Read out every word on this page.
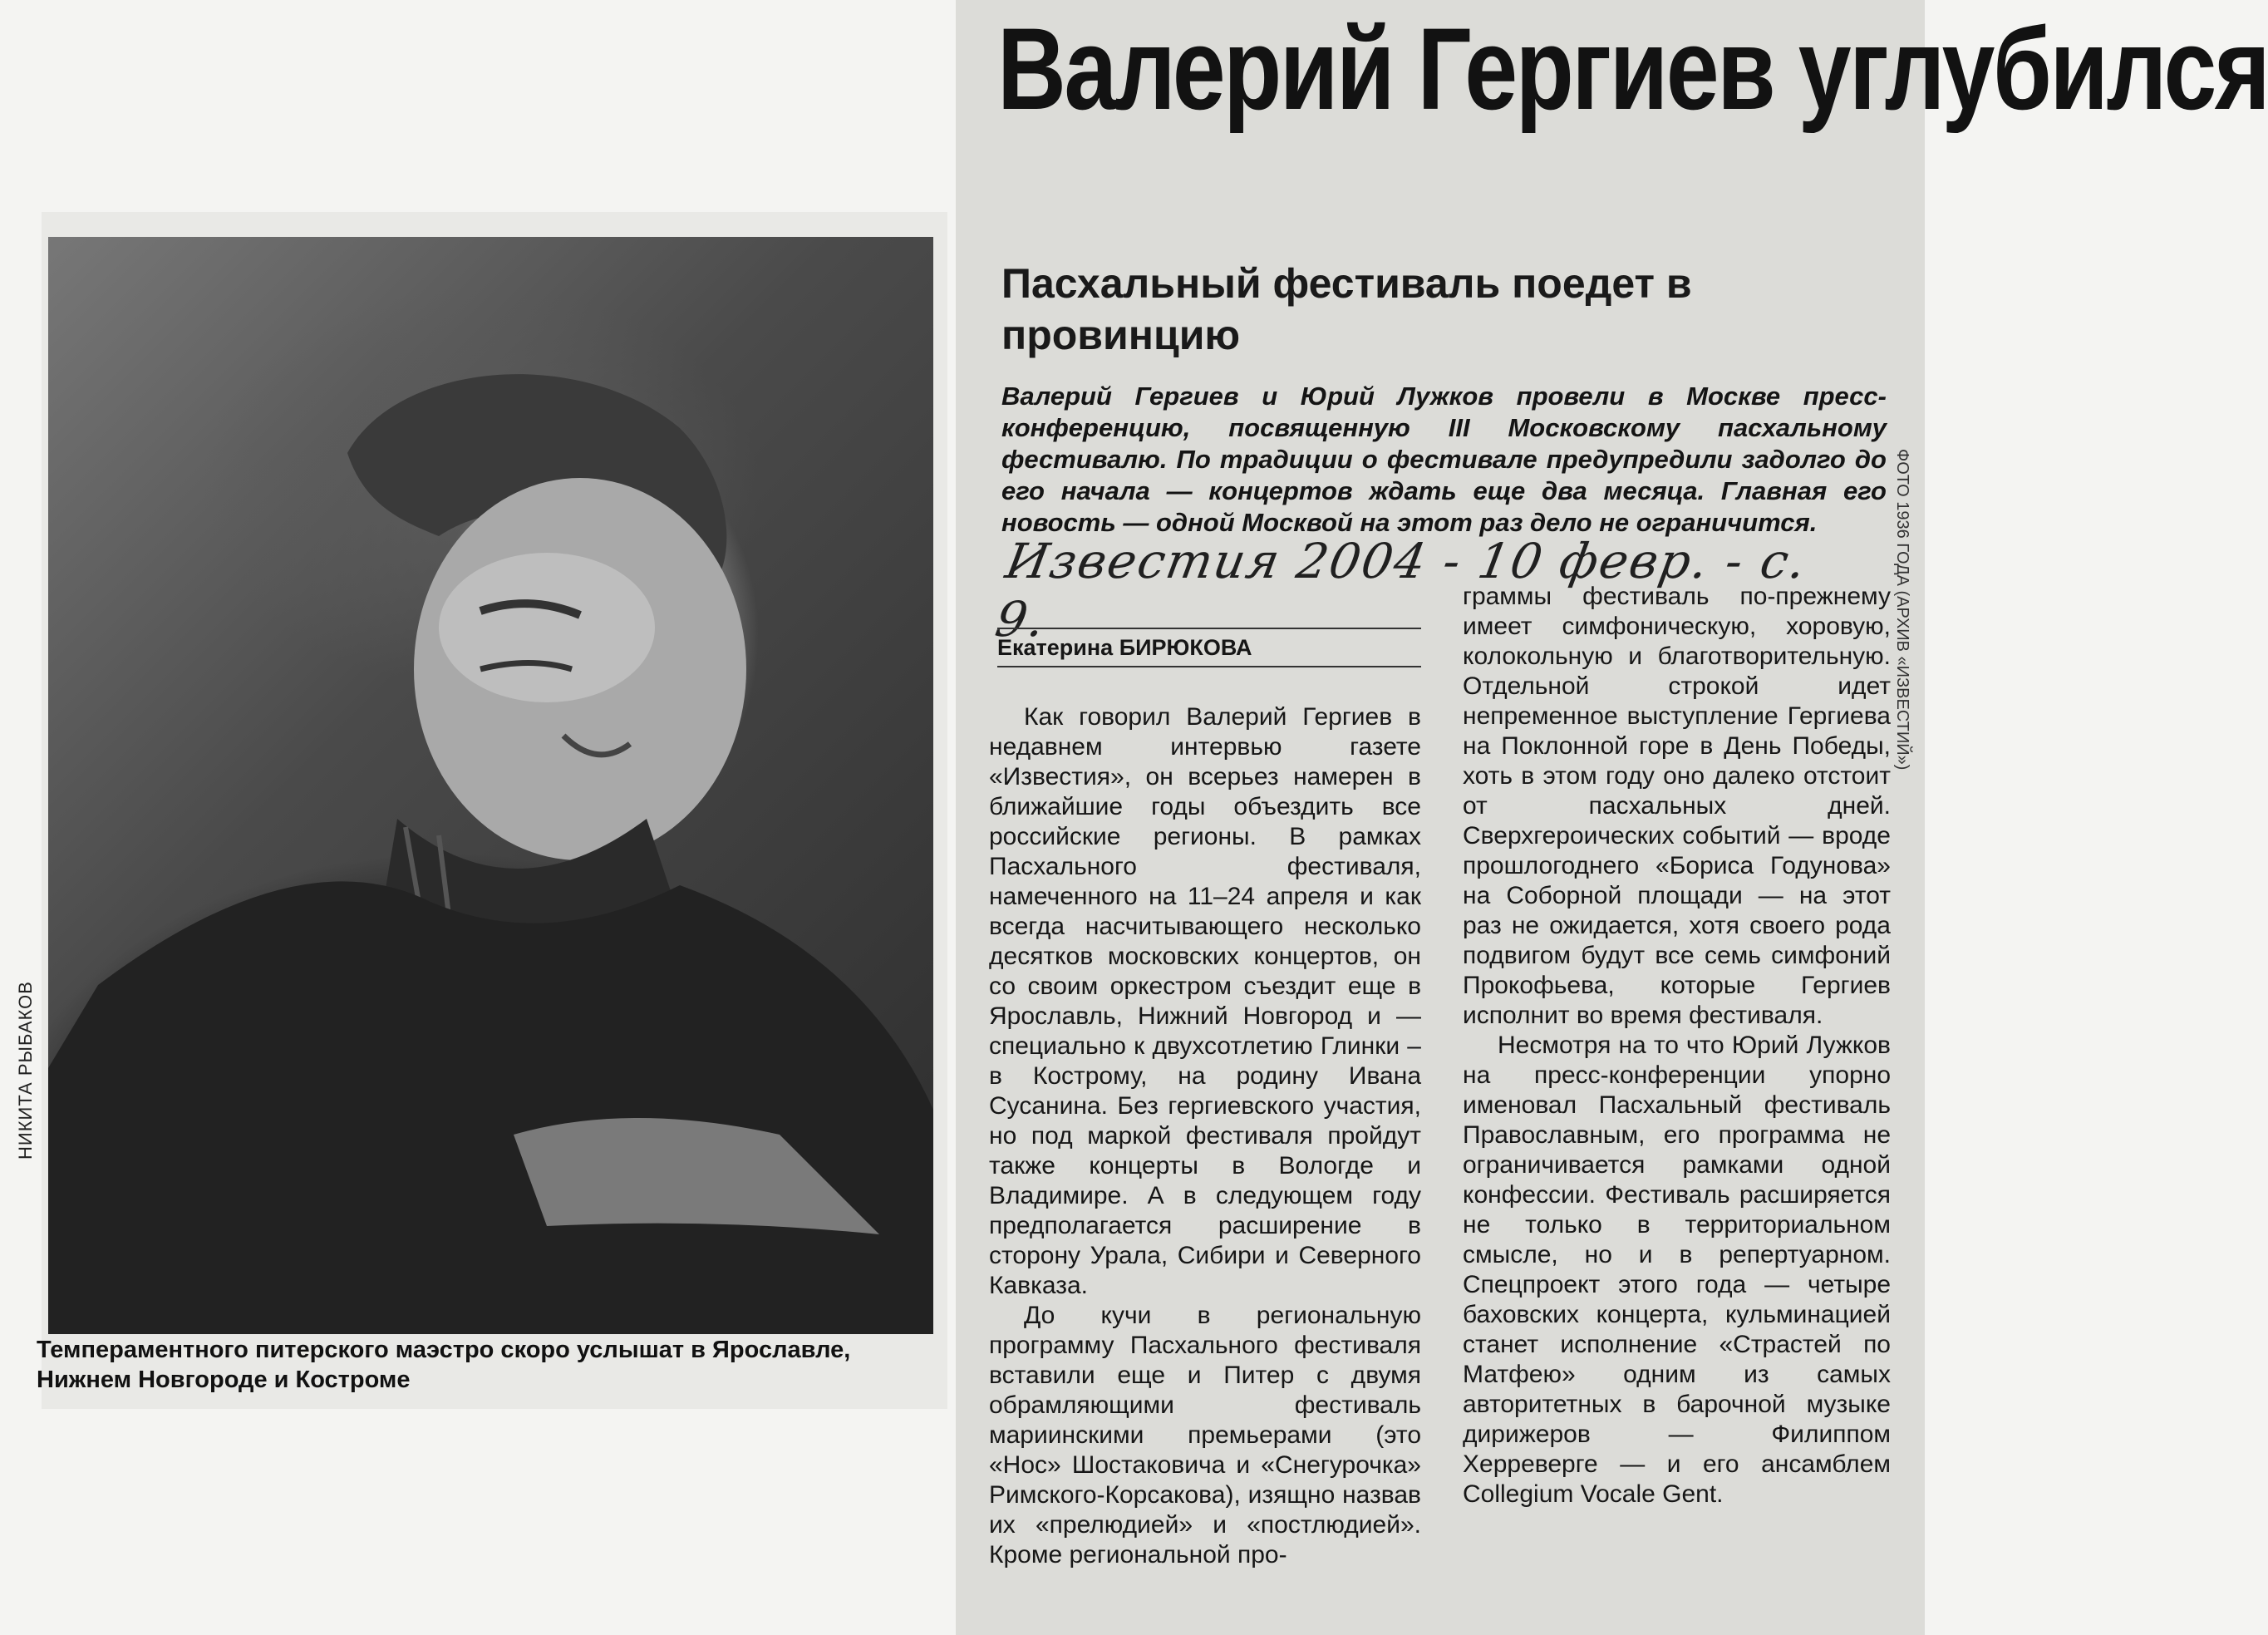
НИКИТА РЫБАКОВ
Темпераментного питерского маэстро скоро услышат в Ярославле, Нижнем Новгороде и Костроме
Валерий Гергиев углубился
Пасхальный фестиваль поедет в провинцию
Валерий Гергиев и Юрий Лужков провели в Москве пресс-конференцию, посвященную III Московскому пасхальному фестивалю. По традиции о фестивале предупредили задолго до его начала — концертов ждать еще два месяца. Главная его новость — одной Москвой на этот раз дело не ограничится.
Известия 2004 - 10 февр. - с. 9.	ФОТО 1936 ГОДА (АРХИВ «ИЗВЕСТИЙ»)
Екатерина БИРЮКОВА

Как говорил Валерий Гергиев в недавнем интервью газете «Известия», он всерьез намерен в ближайшие годы объездить все российские регионы. В рамках Пасхального фестиваля, намеченного на 11–24 апреля и как всегда насчитывающего несколько десятков московских концертов, он со своим оркестром съездит еще в Ярославль, Нижний Новгород и — специально к двухсотлетию Глинки – в Кострому, на родину Ивана Сусанина. Без гергиевского участия, но под маркой фестиваля пройдут также концерты в Вологде и Владимире. А в следующем году предполагается расширение в сторону Урала, Сибири и Северного Кавказа.

До кучи в региональную программу Пасхального фестиваля вставили еще и Питер с двумя обрамляющими фестиваль мариинскими премьерами (это «Нос» Шостаковича и «Снегурочка» Римского-Корсакова), изящно назвав их «прелюдией» и «постлюдией». Кроме региональной про-

граммы фестиваль по-прежнему имеет симфоническую, хоровую, колокольную и благотворительную. Отдельной строкой идет непременное выступление Гергиева на Поклонной горе в День Победы, хоть в этом году оно далеко отстоит от пасхальных дней. Сверхгероических событий — вроде прошлогоднего «Бориса Годунова» на Соборной площади — на этот раз не ожидается, хотя своего рода подвигом будут все семь симфоний Прокофьева, которые Гергиев исполнит во время фестиваля.

Несмотря на то что Юрий Лужков на пресс-конференции упорно именовал Пасхальный фестиваль Православным, его программа не ограничивается рамками одной конфессии. Фестиваль расширяется не только в территориальном смысле, но и в репертуарном. Спецпроект этого года — четыре баховских концерта, кульминацией станет исполнение «Страстей по Матфею» одним из самых авторитетных в барочной музыке дирижеров — Филиппом Херреверге — и его ансамблем Collegium Vocale Gent.
